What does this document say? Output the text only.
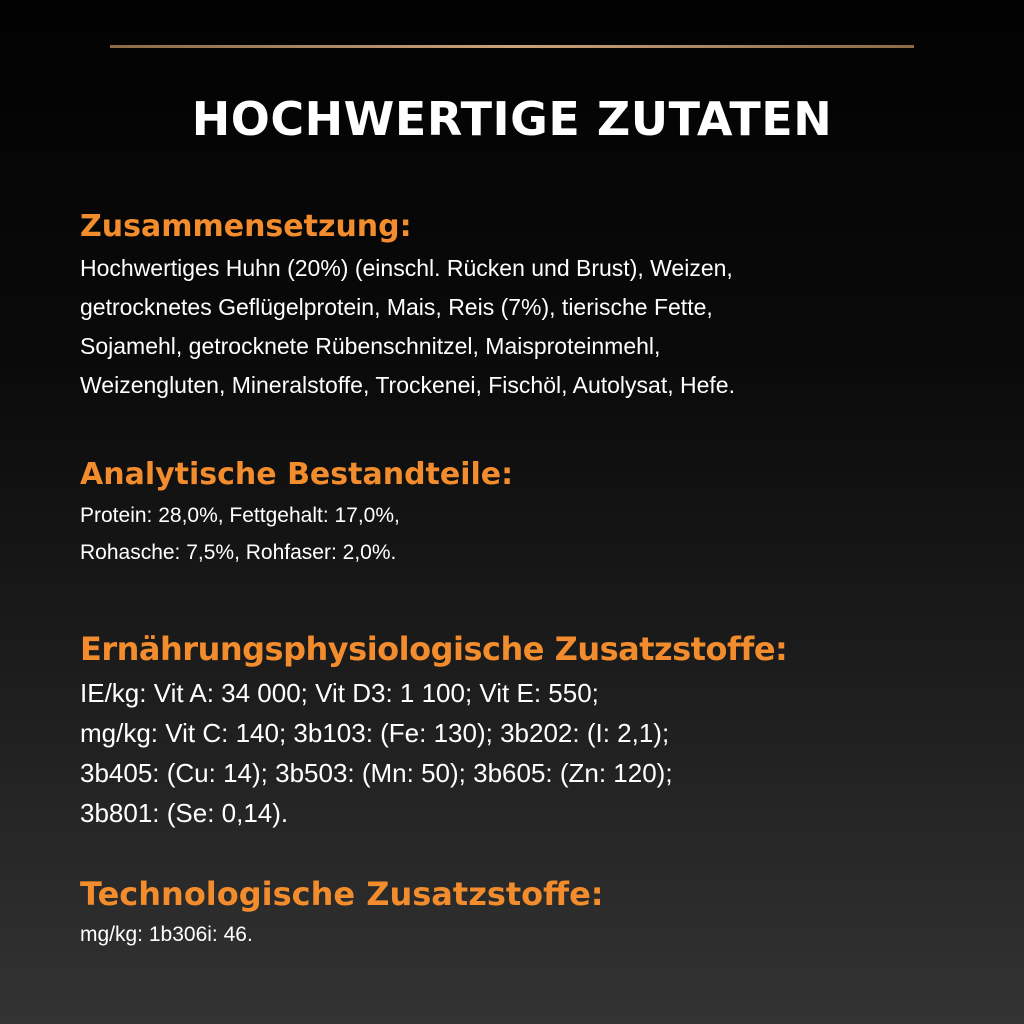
HOCHWERTIGE ZUTATEN
Zusammensetzung:

Hochwertiges Huhn (20%) (einschl. Rücken und Brust), Weizen,
getrocknetes Geflügelprotein, Mais, Reis (7%), tierische Fette,
Sojamehl, getrocknete Rübenschnitzel, Maisproteinmehl,
Weizengluten, Mineralstoffe, Trockenei, Fischöl, Autolysat, Hefe.

Analytische Bestandteile:

Protein: 28,0%, Fettgehalt: 17,0%,
Rohasche: 7,5%, Rohfaser: 2,0%.

Ernährungsphysiologische Zusatzstoffe:

IE/kg: Vit A: 34 000; Vit D3: 1 100; Vit E: 550;
mg/kg: Vit C: 140; 3b103: (Fe: 130); 3b202: (I: 2,1);
3b405: (Cu: 14); 3b503: (Mn: 50); 3b605: (Zn: 120);
3b801: (Se: 0,14).

Technologische Zusatzstoffe:

mg/kg: 1b306i: 46.
